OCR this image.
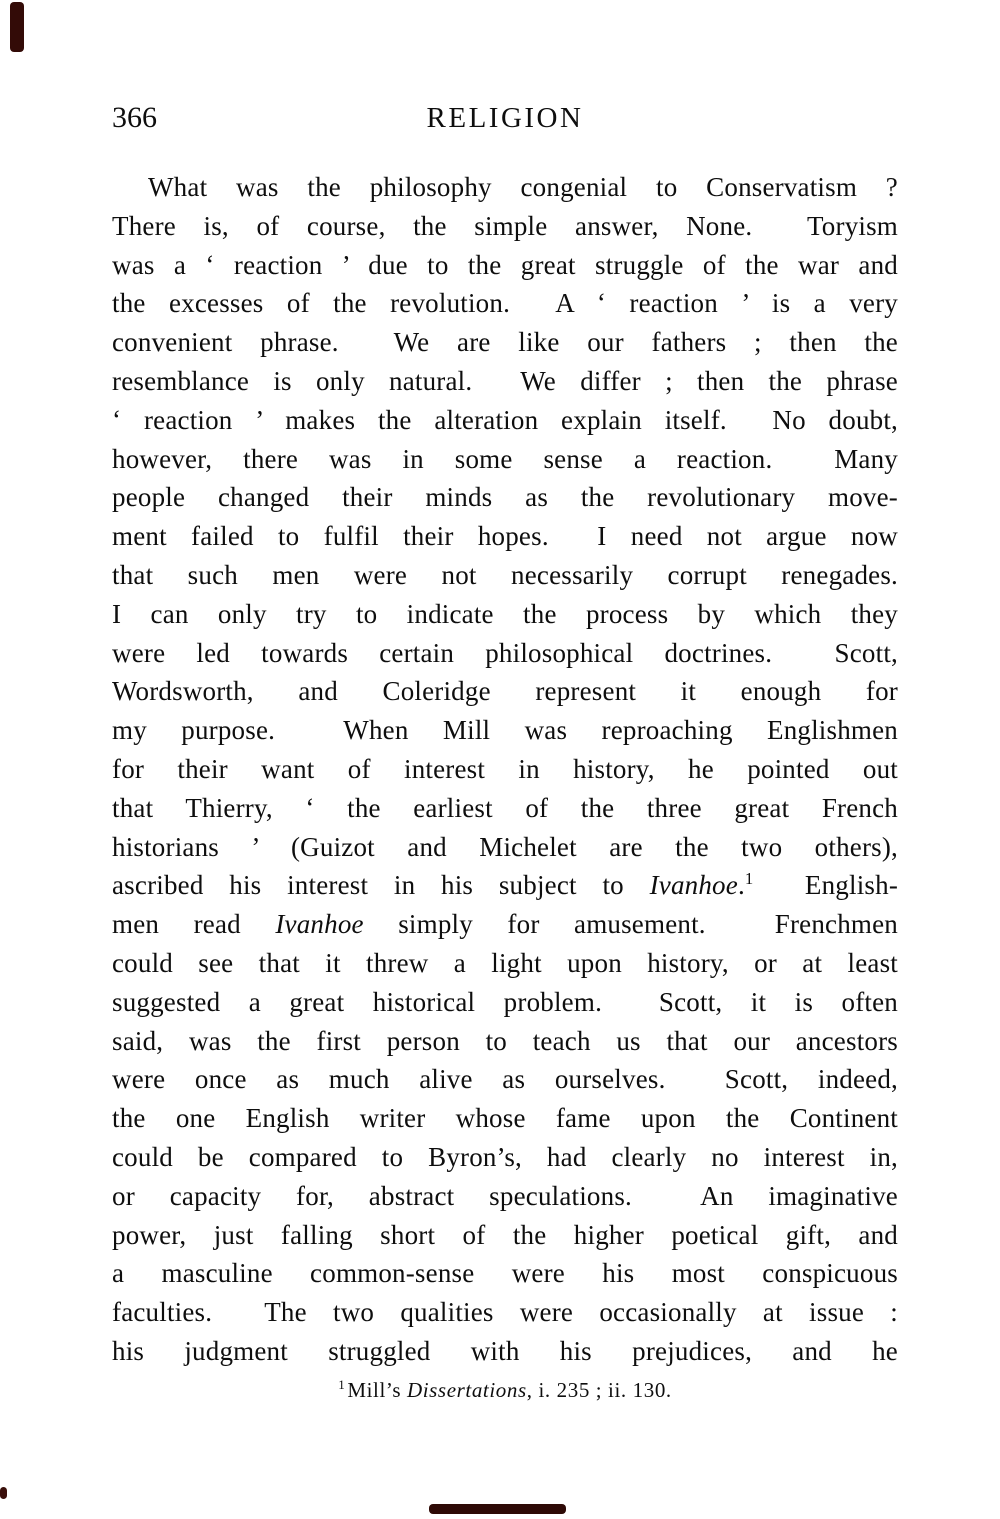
366	RELIGION
What was the philosophy congenial to Conservatism ?
There is, of course, the simple answer, None.  Toryism
was a ‘ reaction ’ due to the great struggle of the war and
the excesses of the revolution.  A ‘ reaction ’ is a very
convenient phrase.  We are like our fathers ; then the
resemblance is only natural.  We differ ; then the phrase
‘ reaction ’ makes the alteration explain itself.  No doubt,
however, there was in some sense a reaction.  Many
people changed their minds as the revolutionary move-
ment failed to fulfil their hopes.  I need not argue now
that such men were not necessarily corrupt renegades.
I can only try to indicate the process by which they
were led towards certain philosophical doctrines.  Scott,
Wordsworth, and Coleridge represent it enough for
my purpose.  When Mill was reproaching Englishmen
for their want of interest in history, he pointed out
that Thierry, ‘ the earliest of the three great French
historians ’ (Guizot and Michelet are the two others),
ascribed his interest in his subject to Ivanhoe.$^1$  English-
men read Ivanhoe simply for amusement.  Frenchmen
could see that it threw a light upon history, or at least
suggested a great historical problem.  Scott, it is often
said, was the first person to teach us that our ancestors
were once as much alive as ourselves.  Scott, indeed,
the one English writer whose fame upon the Continent
could be compared to Byron’s, had clearly no interest in,
or capacity for, abstract speculations.  An imaginative
power, just falling short of the higher poetical gift, and
a masculine common-sense were his most conspicuous
faculties.  The two qualities were occasionally at issue :
his judgment struggled with his prejudices, and he
$^1$Mill’s Dissertations, i. 235 ; ii. 130.
